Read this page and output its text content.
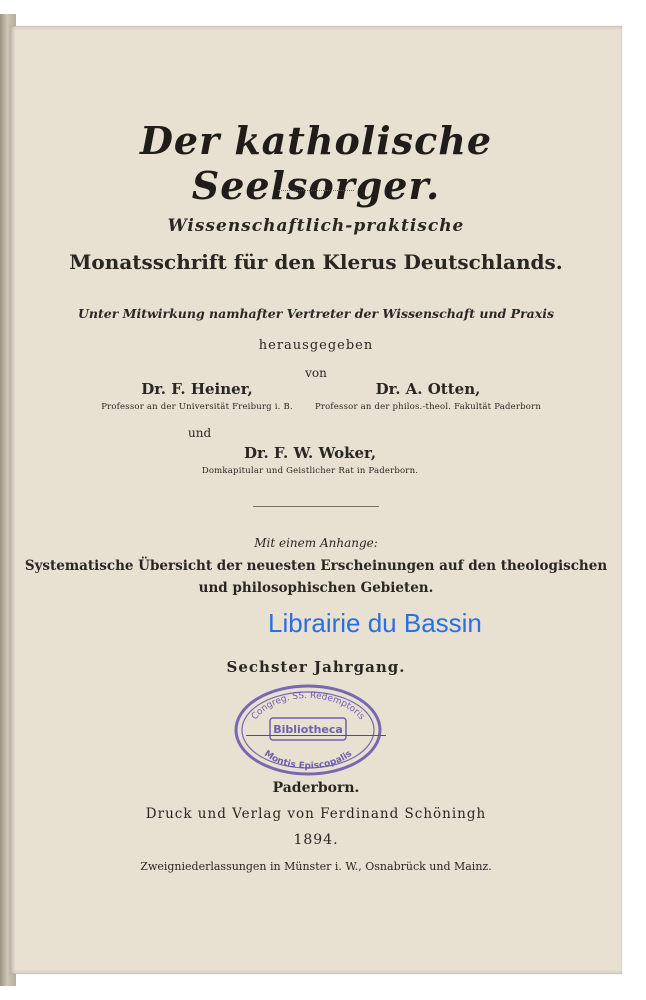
Der katholische Seelsorger.
Wissenschaftlich-praktische
Monatsschrift für den Klerus Deutschlands.
Unter Mitwirkung namhafter Vertreter der Wissenschaft und Praxis
herausgegeben
von
Dr. F. Heiner,
Professor an der Universität Freiburg i. B.
Dr. A. Otten,
Professor an der philos.-theol. Fakultät Paderborn
und
Dr. F. W. Woker,
Domkapitular und Geistlicher Rat in Paderborn.
Mit einem Anhange:
Systematische Übersicht der neuesten Erscheinungen auf den theologischen
und philosophischen Gebieten.
Librairie du Bassin
Sechster Jahrgang.
Congreg. SS. Redemptoris
Bibliotheca
Montis Episcopalis
Paderborn.
Druck und Verlag von Ferdinand Schöningh
1894.
Zweigniederlassungen in Münster i. W., Osnabrück und Mainz.
